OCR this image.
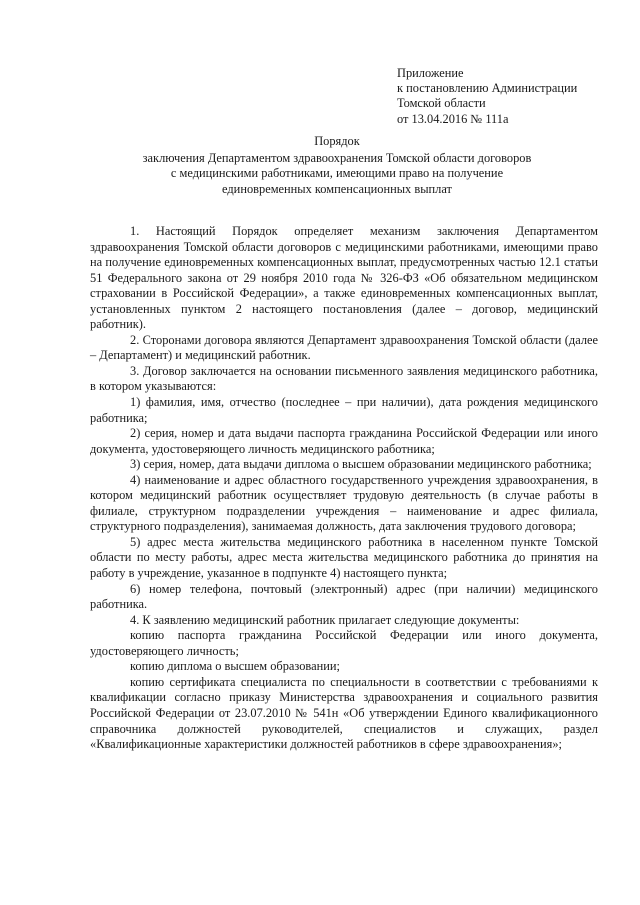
Приложение
к постановлению Администрации
Томской области
от 13.04.2016 № 111а
Порядок
заключения Департаментом здравоохранения Томской области договоров
с медицинскими работниками, имеющими право на получение
единовременных компенсационных выплат

1. Настоящий Порядок определяет механизм заключения Департаментом здравоохранения Томской области договоров с медицинскими работниками, имеющими право на получение единовременных компенсационных выплат, предусмотренных частью 12.1 статьи 51 Федерального закона от 29 ноября 2010 года № 326-ФЗ «Об обязательном медицинском страховании в Российской Федерации», а также единовременных компенсационных выплат, установленных пунктом 2 настоящего постановления (далее – договор, медицинский работник).

2. Сторонами договора являются Департамент здравоохранения Томской области (далее – Департамент) и медицинский работник.

3. Договор заключается на основании письменного заявления медицинского работника, в котором указываются:

1) фамилия, имя, отчество (последнее – при наличии), дата рождения медицинского работника;

2) серия, номер и дата выдачи паспорта гражданина Российской Федерации или иного документа, удостоверяющего личность медицинского работника;

3) серия, номер, дата выдачи диплома о высшем образовании медицинского работника;

4) наименование и адрес областного государственного учреждения здравоохранения, в котором медицинский работник осуществляет трудовую деятельность (в случае работы в филиале, структурном подразделении учреждения – наименование и адрес филиала, структурного подразделения), занимаемая должность, дата заключения трудового договора;

5) адрес места жительства медицинского работника в населенном пункте Томской области по месту работы, адрес места жительства медицинского работника до принятия на работу в учреждение, указанное в подпункте 4) настоящего пункта;

6) номер телефона, почтовый (электронный) адрес (при наличии) медицинского работника.

4. К заявлению медицинский работник прилагает следующие документы:

копию паспорта гражданина Российской Федерации или иного документа, удостоверяющего личность;

копию диплома о высшем образовании;

копию сертификата специалиста по специальности в соответствии с требованиями к квалификации согласно приказу Министерства здравоохранения и социального развития Российской Федерации от 23.07.2010 № 541н «Об утверждении Единого квалификационного справочника должностей руководителей, специалистов и служащих, раздел «Квалификационные характеристики должностей работников в сфере здравоохранения»;
